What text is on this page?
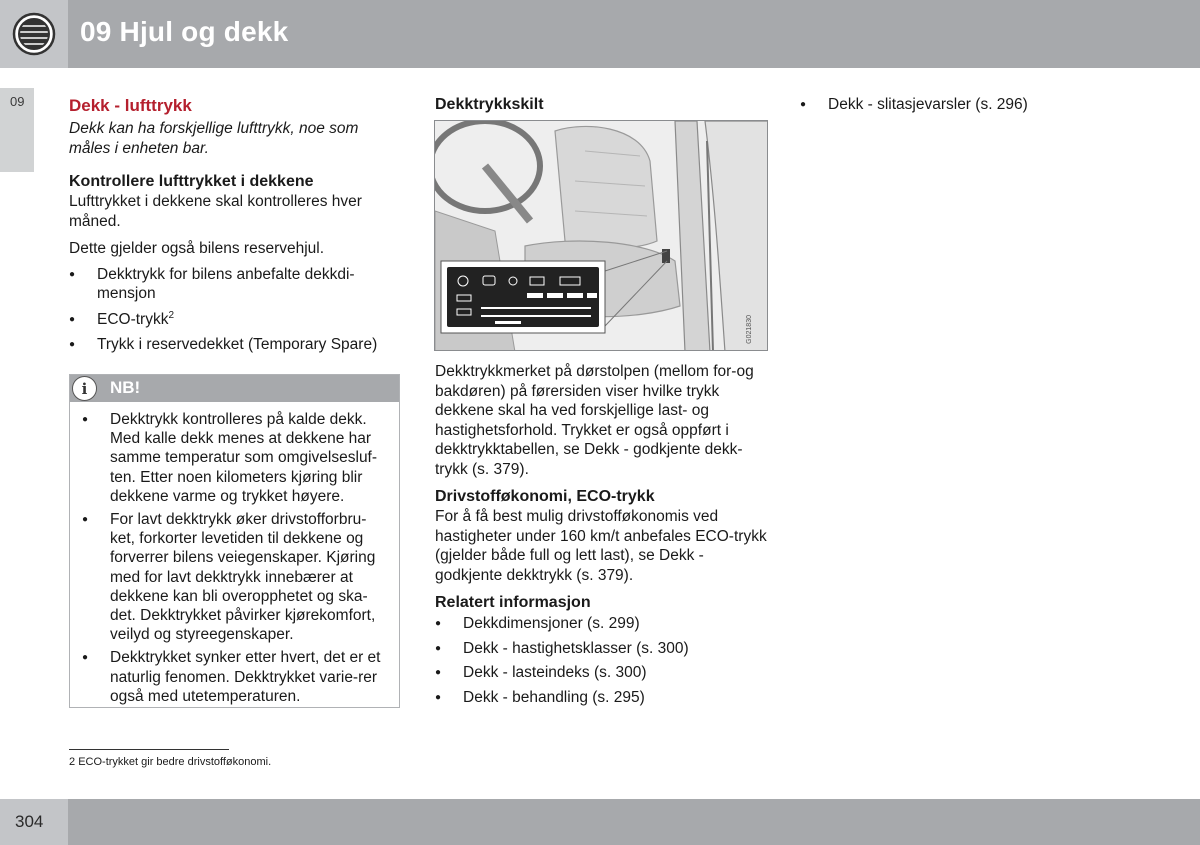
09 Hjul og dekk
09	Dekk - lufttrykk

Dekk kan ha forskjellige lufttrykk, noe som måles i enheten bar.

Kontrollere lufttrykket i dekkene

Lufttrykket i dekkene skal kontrolleres hver måned.

Dette gjelder også bilens reservehjul.

● Dekktrykk for bilens anbefalte dekkdi-mensjon
● ECO-trykk$^2$
● Trykk i reservedekket (Temporary Spare)
i	NB!
● Dekktrykk kontrolleres på kalde dekk. Med kalle dekk menes at dekkene har samme temperatur som omgivelsesluf-ten. Etter noen kilometers kjøring blir dekkene varme og trykket høyere.
● For lavt dekktrykk øker drivstofforbru-ket, forkorter levetiden til dekkene og forverrer bilens veiegenskaper. Kjøring med for lavt dekktrykk innebærer at dekkene kan bli overopphetet og ska-det. Dekktrykket påvirker kjørekomfort, veilyd og styreegenskaper.
● Dekktrykket synker etter hvert, det er et naturlig fenomen. Dekktrykket varie-rer også med utetemperaturen.
Dekktrykkskilt
G021830

Dekktrykkmerket på dørstolpen (mellom for-og bakdøren) på førersiden viser hvilke trykk dekkene skal ha ved forskjellige last- og hastighetsforhold. Trykket er også oppført i dekktrykktabellen, se Dekk - godkjente dekk-trykk (s. 379).

Drivstofføkonomi, ECO-trykk

For å få best mulig drivstofføkonomis ved hastigheter under 160 km/t anbefales ECO-trykk (gjelder både full og lett last), se Dekk - godkjente dekktrykk (s. 379).

Relatert informasjon
● Dekkdimensjoner (s. 299)
● Dekk - hastighetsklasser (s. 300)
● Dekk - lasteindeks (s. 300)
● Dekk - behandling (s. 295)
● Dekk - slitasjevarsler (s. 296)
2 ECO-trykket gir bedre drivstofføkonomi.
304
